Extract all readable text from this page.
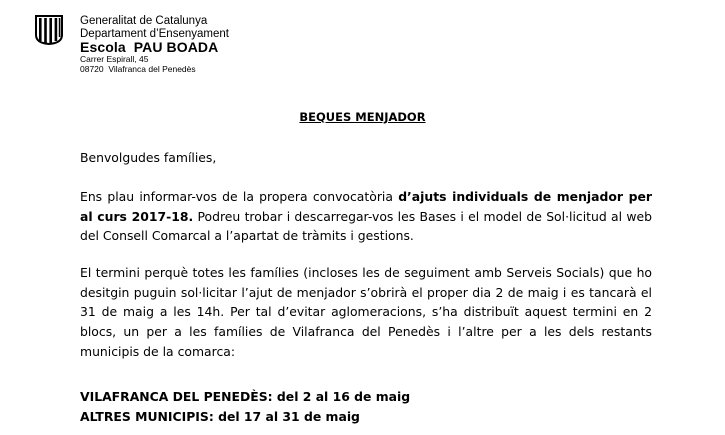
Generalitat de Catalunya
Departament d’Ensenyament
Escola  PAU BOADA
Carrer Espirall, 45
08720  Vilafranca del Penedès
BEQUES MENJADOR
Benvolgudes famílies,
Ens plau informar-vos de la propera convocatòria d’ajuts individuals de menjador per al curs 2017-18. Podreu trobar i descarregar-vos les Bases i el model de Sol·licitud al web del Consell Comarcal a l’apartat de tràmits i gestions.
El termini perquè totes les famílies (incloses les de seguiment amb Serveis Socials) que ho desitgin puguin sol·licitar l’ajut de menjador s’obrirà el proper dia 2 de maig i es tancarà el 31 de maig a les 14h. Per tal d’evitar aglomeracions, s’ha distribuït aquest termini en 2 blocs, un per a les famílies de Vilafranca del Penedès i l’altre per a les dels restants municipis de la comarca:
VILAFRANCA DEL PENEDÈS: del 2 al 16 de maig
ALTRES MUNICIPIS: del 17 al 31 de maig
